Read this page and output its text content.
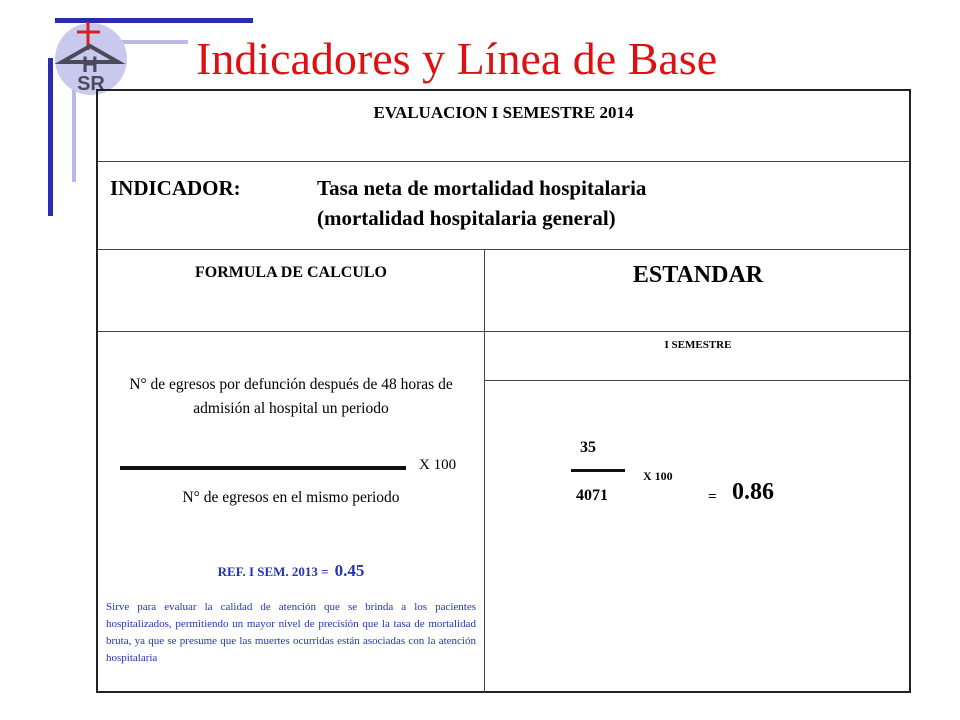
H
SR Indicadores y Línea de Base
EVALUACION I SEMESTRE 2014
INDICADOR:	Tasa neta de mortalidad hospitalaria
(mortalidad hospitalaria general)
FORMULA DE CALCULO	ESTANDAR
I SEMESTRE
N° de egresos por defunción después de 48 horas de admisión al hospital un periodo
X 100
N° de egresos en el mismo periodo
REF. I SEM. 2013 = 0.45
Sirve para evaluar la calidad de atención que se brinda a los pacientes hospitalizados, permitiendo un mayor nivel de precisión que la tasa de mortalidad bruta, ya que se presume que las muertes ocurridas están asociadas con la atención hospitalaria
35
4071
X 100
= 0.86
